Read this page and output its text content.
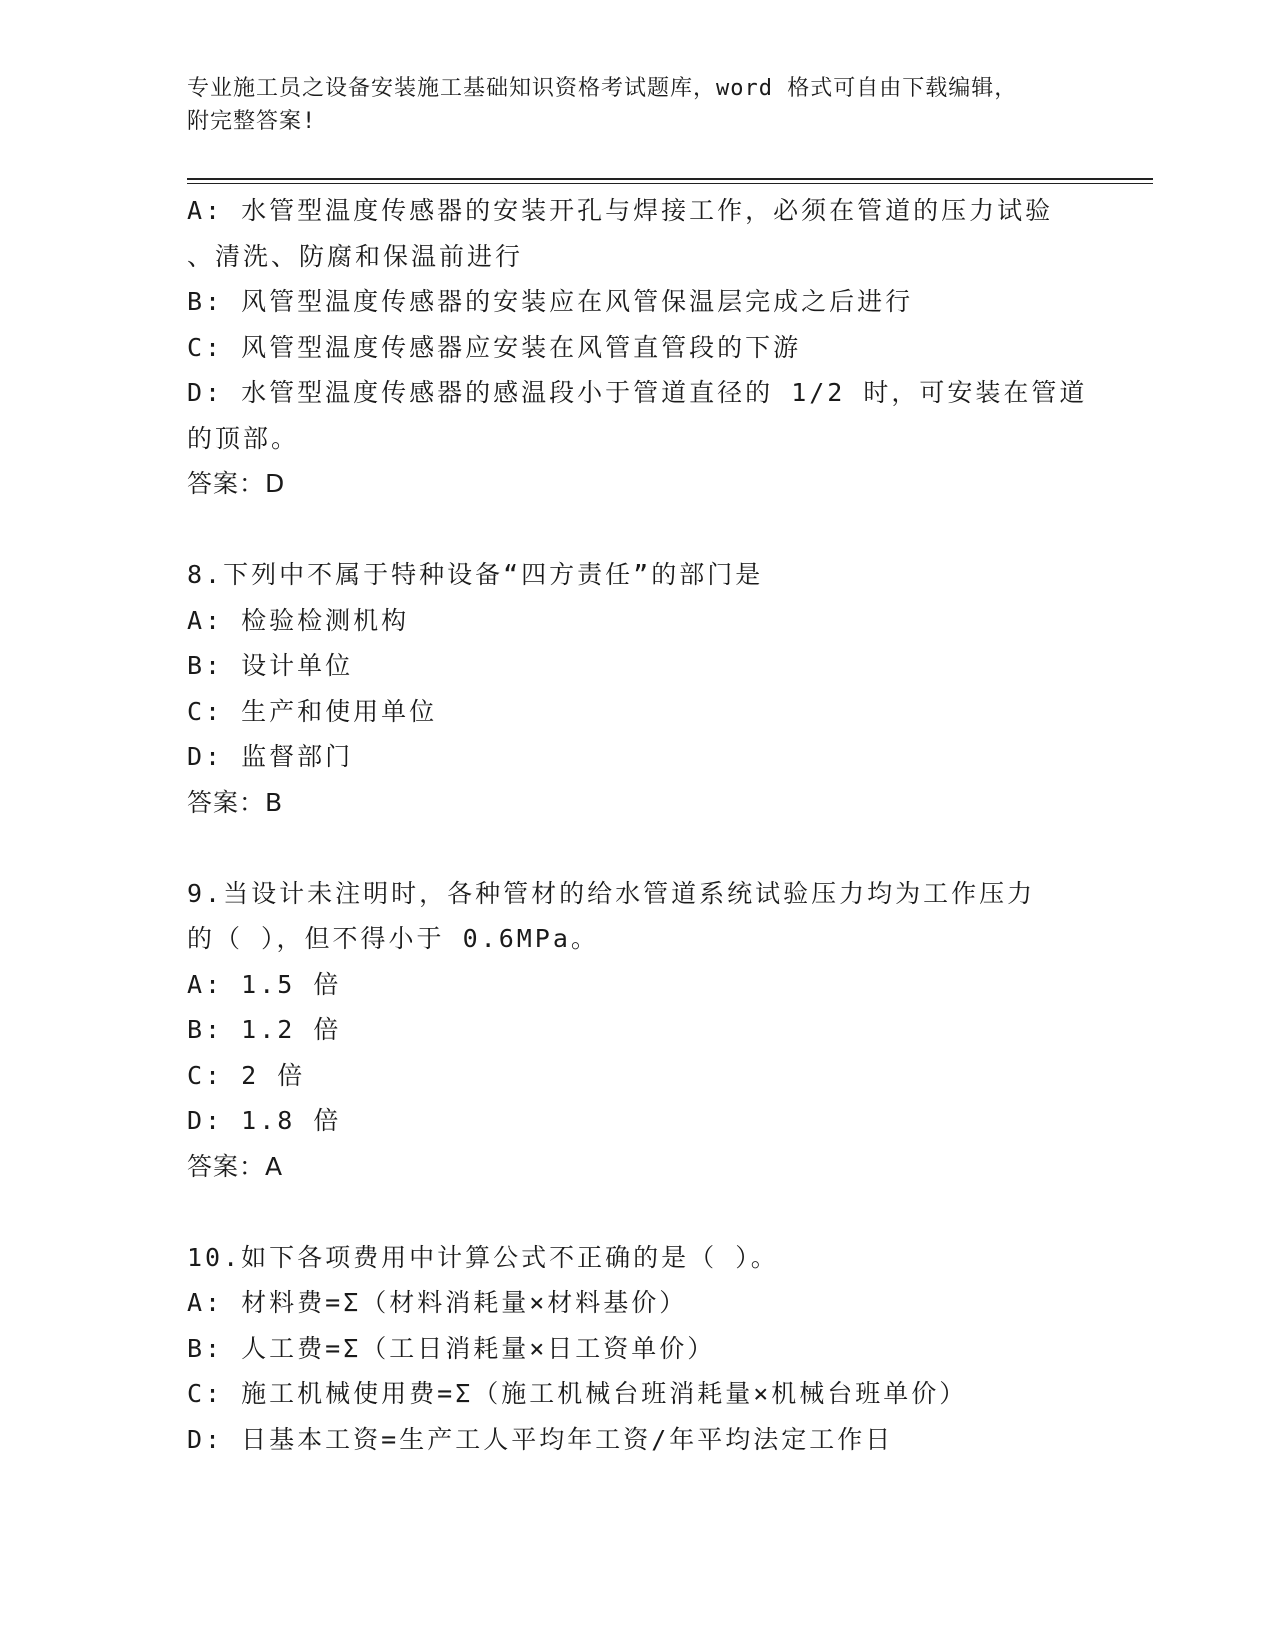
专业施工员之设备安装施工基础知识资格考试题库，word 格式可自由下载编辑，
附完整答案!
A: 水管型温度传感器的安装开孔与焊接工作，必须在管道的压力试验
、清洗、防腐和保温前进行
B: 风管型温度传感器的安装应在风管保温层完成之后进行
C: 风管型温度传感器应安装在风管直管段的下游
D: 水管型温度传感器的感温段小于管道直径的 1/2 时，可安装在管道
的顶部。
答案：D
8.下列中不属于特种设备“四方责任”的部门是
A: 检验检测机构
B: 设计单位
C: 生产和使用单位
D: 监督部门
答案：B
9.当设计未注明时，各种管材的给水管道系统试验压力均为工作压力
的（ ），但不得小于 0.6MPa。
A: 1.5 倍
B: 1.2 倍
C: 2 倍
D: 1.8 倍
答案：A
10.如下各项费用中计算公式不正确的是（ ）。
A: 材料费=Σ（材料消耗量×材料基价）
B: 人工费=Σ（工日消耗量×日工资单价）
C: 施工机械使用费=Σ（施工机械台班消耗量×机械台班单价）
D: 日基本工资=生产工人平均年工资/年平均法定工作日
